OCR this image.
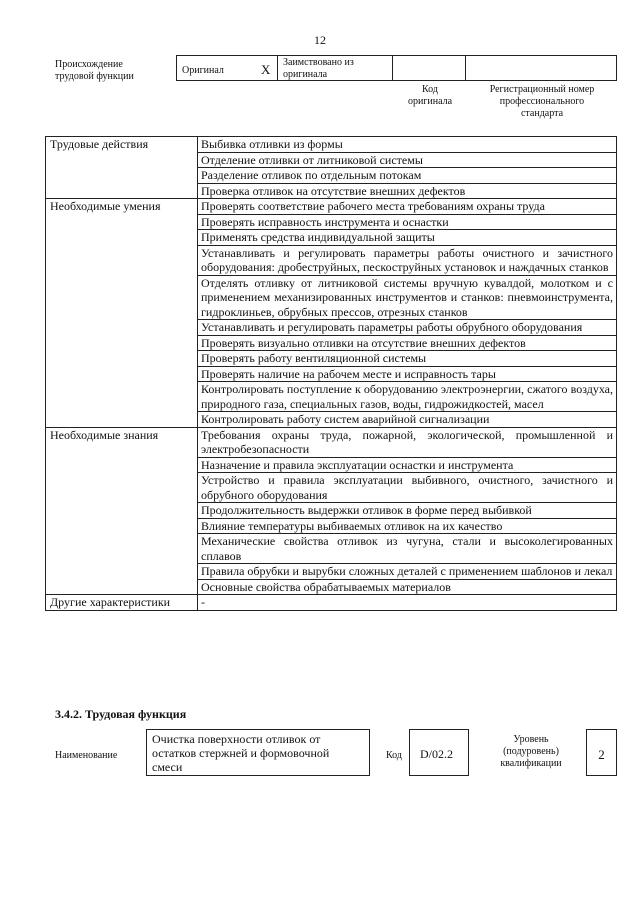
12
Происхождение
трудовой функции
Оригинал	X Заимствовано из
оригинала
Код
оригинала
Регистрационный номер
профессионального
стандарта
Трудовые действия	Выбивка отливки из формы
	Отделение отливки от литниковой системы
	Разделение отливок по отдельным потокам
	Проверка отливок на отсутствие внешних дефектов
Необходимые умения	Проверять соответствие рабочего места требованиям охраны труда
	Проверять исправность инструмента и оснастки
	Применять средства индивидуальной защиты
	Устанавливать и регулировать параметры работы очистного и зачистного оборудования: дробеструйных, пескоструйных установок и наждачных станков
	Отделять отливку от литниковой системы вручную кувалдой, молотком и с применением механизированных инструментов и станков: пневмоинструмента, гидроклиньев, обрубных прессов, отрезных станков
	Устанавливать и регулировать параметры работы обрубного оборудования
	Проверять визуально отливки на отсутствие внешних дефектов
	Проверять работу вентиляционной системы
	Проверять наличие на рабочем месте и исправность тары
	Контролировать поступление к оборудованию электроэнергии, сжатого воздуха, природного газа, специальных газов, воды, гидрожидкостей, масел
	Контролировать работу систем аварийной сигнализации
Необходимые знания	Требования охраны труда, пожарной, экологической, промышленной и электробезопасности
	Назначение и правила эксплуатации оснастки и инструмента
	Устройство и правила эксплуатации выбивного, очистного, зачистного и обрубного оборудования
	Продолжительность выдержки отливок в форме перед выбивкой
	Влияние температуры выбиваемых отливок на их качество
	Механические свойства отливок из чугуна, стали и высоколегированных сплавов
	Правила обрубки и вырубки сложных деталей с применением шаблонов и лекал
	Основные свойства обрабатываемых материалов
Другие характеристики	-
3.4.2. Трудовая функция
Наименование
Очистка поверхности отливок от
остатков стержней и формовочной
смеси
Код	D/02.2
Уровень
(подуровень)
квалификации
2
